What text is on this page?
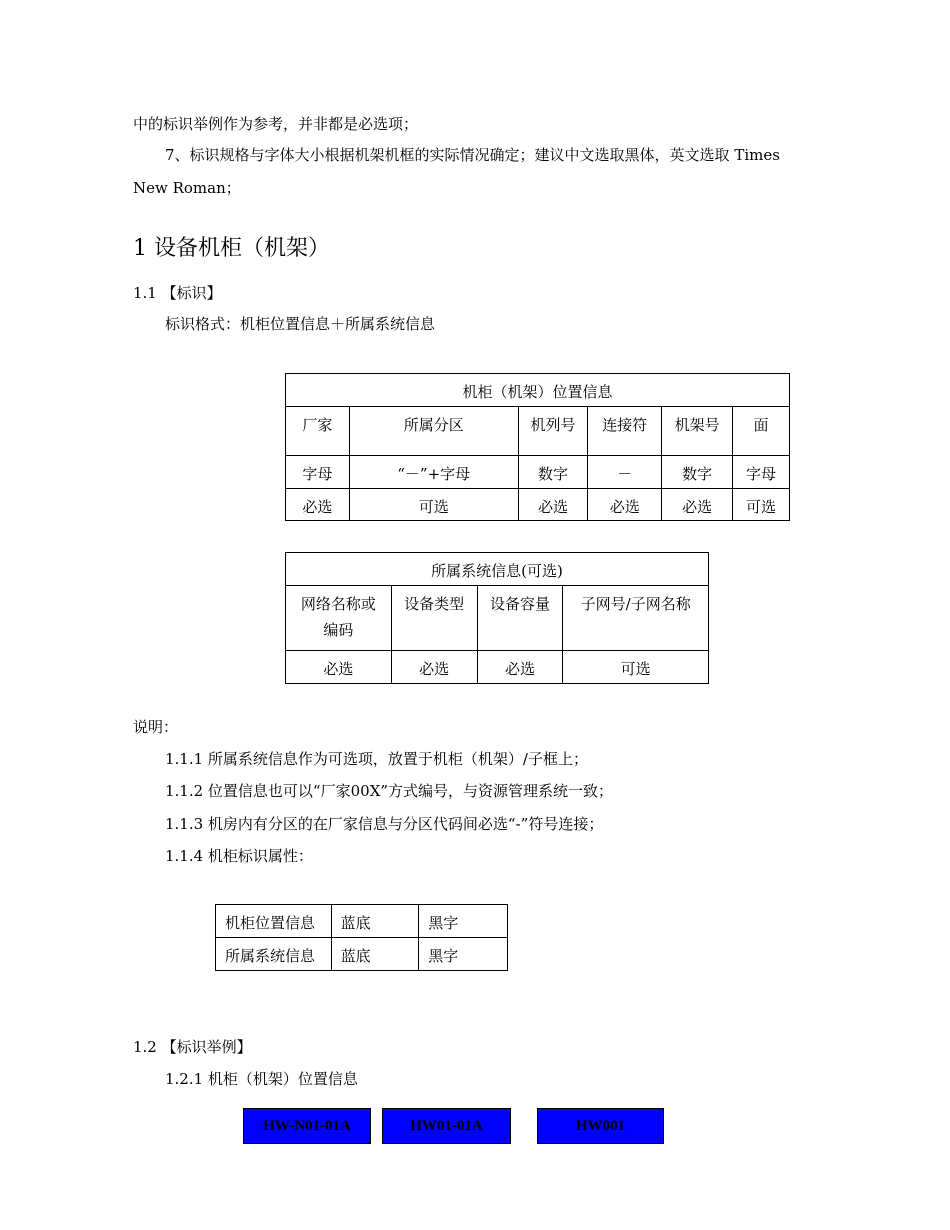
中的标识举例作为参考，并非都是必选项；
7、标识规格与字体大小根据机架机框的实际情况确定；建议中文选取黑体，英文选取 Times
New Roman；
1 设备机柜（机架）
1.1 【标识】
标识格式：机柜位置信息＋所属系统信息
机柜（机架）位置信息					
厂家	所属分区	机列号	连接符	机架号	面
字母	“－”+字母	数字	－	数字	字母
必选	可选	必选	必选	必选	可选
所属系统信息(可选)			
网络名称或编码	设备类型	设备容量	子网号/子网名称
必选	必选	必选	可选
说明：
1.1.1 所属系统信息作为可选项，放置于机柜（机架）/子框上；
1.1.2 位置信息也可以“厂家00X”方式编号，与资源管理系统一致；
1.1.3 机房内有分区的在厂家信息与分区代码间必选“-”符号连接；
1.1.4 机柜标识属性：
机柜位置信息	蓝底	黑字
所属系统信息	蓝底	黑字
1.2 【标识举例】
1.2.1 机柜（机架）位置信息
HW-N01-01A	HW01-01A	HW001
